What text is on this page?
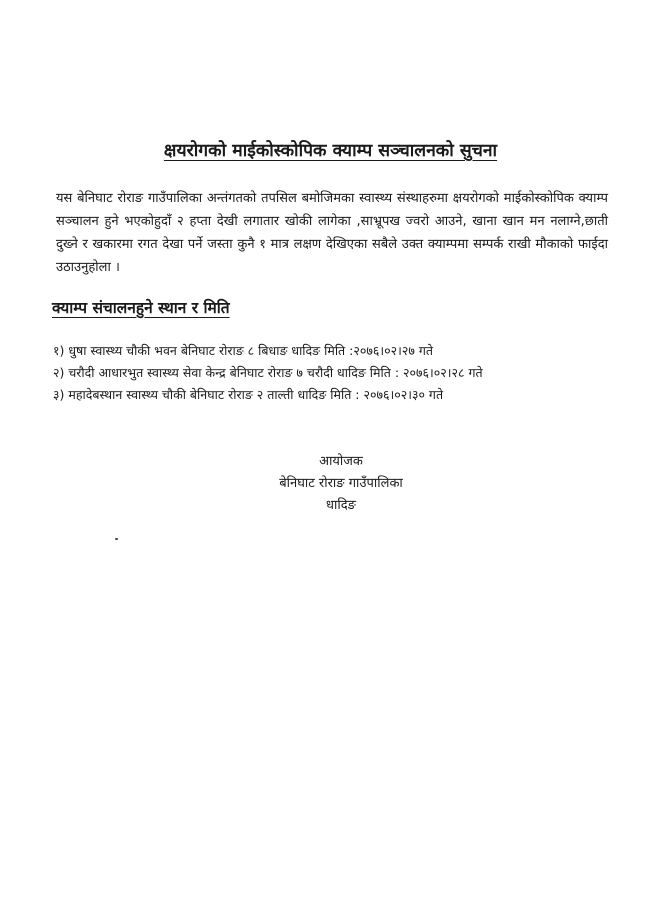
क्षयरोगको माईकोस्कोपिक क्याम्प सञ्चालनको सुचना
यस बेनिघाट रोराङ गाउँपालिका अन्तंगतको तपसिल बमोजिमका स्वास्थ्य संस्थाहरुमा क्षयरोगको माईकोस्कोपिक क्याम्प सञ्चालन हुने भएकोहुदाँ २ हप्ता देखी लगातार खोकी लागेका ,साभ्रूपख ज्वरो आउने, खाना खान मन नलाग्ने,छाती दुख्ने र खकारमा रगत देखा पर्ने जस्ता कुनै १ मात्र लक्षण देखिएका सबैले उक्त क्याम्पमा सम्पर्क राखी मौकाको फाईदा उठाउनुहोला ।
क्याम्प संचालनहुने स्थान र मिति
१) धुषा स्वास्थ्य चौकी भवन बेनिघाट रोराङ ८ बिधाङ धादिङ मिति :२०७६।०२।२७ गते
२) चरौदी आधारभुत स्वास्थ्य सेवा केन्द्र बेनिघाट रोराङ ७ चरौदी धादिङ मिति : २०७६।०२।२८ गते
३) महादेबस्थान स्वास्थ्य चौकी बेनिघाट रोराङ २ ताल्ती धादिङ मिति : २०७६।०२।३० गते
आयोजक
बेनिघाट रोराङ गाउँपालिका
धादिङ
